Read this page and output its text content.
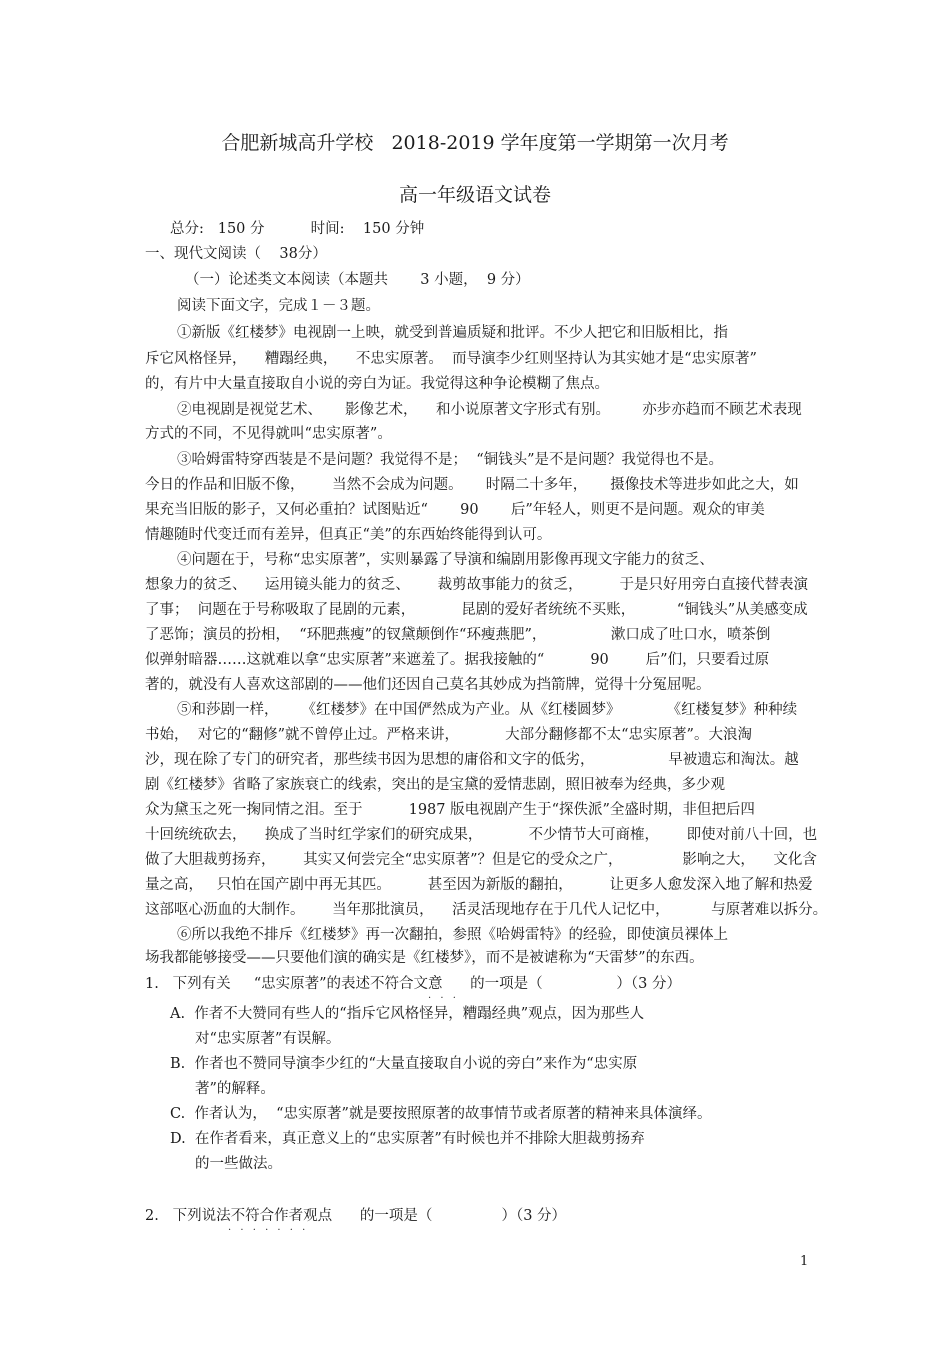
合肥新城高升学校   2018-2019 学年度第一学期第一次月考
高一年级语文试卷
总分:   150 分          时间:    150 分钟
一、现代文阅读（    38分）
（一）论述类文本阅读（本题共       3 小题，  9 分）
阅读下面文字，完成１－３题。
①新版《红楼梦》电视剧一上映，就受到普遍质疑和批评。不少人把它和旧版相比，指
斥它风格怪异，    糟蹋经典，    不忠实原著。  而导演李少红则坚持认为其实她才是“忠实原著”
的，有片中大量直接取自小说的旁白为证。我觉得这种争论模糊了焦点。
②电视剧是视觉艺术、     影像艺术，    和小说原著文字形式有别。       亦步亦趋而不顾艺术表现
方式的不同，不见得就叫“忠实原著”。
③哈姆雷特穿西装是不是问题？我觉得不是；  “铜钱头”是不是问题？我觉得也不是。
今日的作品和旧版不像，      当然不会成为问题。     时隔二十多年，     摄像技术等进步如此之大，如
果充当旧版的影子，又何必重拍？试图贴近“       90       后”年轻人，则更不是问题。观众的审美
情趣随时代变迁而有差异，但真正“美”的东西始终能得到认可。
④问题在于，号称“忠实原著”，实则暴露了导演和编剧用影像再现文字能力的贫乏、
想象力的贫乏、    运用镜头能力的贫乏、      裁剪故事能力的贫乏，        于是只好用旁白直接代替表演
了事；  问题在于号称吸取了昆剧的元素，          昆剧的爱好者统统不买账，         “铜钱头”从美感变成
了恶饰；演员的扮相，  “环肥燕瘦”的钗黛颠倒作“环瘦燕肥”，              漱口成了吐口水，喷茶倒
似弹射暗器……这就难以拿“忠实原著”来遮羞了。据我接触的“          90        后”们，只要看过原
著的，就没有人喜欢这部剧的——他们还因自己莫名其妙成为挡箭牌，觉得十分冤屈呢。
⑤和莎剧一样，     《红楼梦》在中国俨然成为产业。从《红楼圆梦》          《红楼复梦》种种续
书始，  对它的“翻修”就不曾停止过。严格来讲，          大部分翻修都不太“忠实原著”。大浪淘
沙，现在除了专门的研究者，那些续书因为思想的庸俗和文字的低劣，                早被遗忘和淘汰。越
剧《红楼梦》省略了家族衰亡的线索，突出的是宝黛的爱情悲剧，照旧被奉为经典，多少观
众为黛玉之死一掬同情之泪。至于          1987 版电视剧产生于“探佚派”全盛时期，非但把后四
十回统统砍去，    换成了当时红学家们的研究成果，          不少情节大可商榷，      即使对前八十回，也
做了大胆裁剪扬弃，      其实又何尝完全“忠实原著”？但是它的受众之广，             影响之大，    文化含
量之高，   只怕在国产剧中再无其匹。        甚至因为新版的翻拍，        让更多人愈发深入地了解和热爱
这部呕心沥血的大制作。      当年那批演员，    活灵活现地存在于几代人记忆中，         与原著难以拆分。
⑥所以我绝不排斥《红楼梦》再一次翻拍，参照《哈姆雷特》的经验，即使演员裸体上
场我都能够接受——只要他们演的确实是《红楼梦》，而不是被谑称为“天雷梦”的东西。
1.   下列有关     “忠实原著”的表述不符合文意      的一项是（                ）（3 分）
· · ·
A.  作者不大赞同有些人的“指斥它风格怪异，糟蹋经典”观点，因为那些人
对“忠实原著”有误解。
B.  作者也不赞同导演李少红的“大量直接取自小说的旁白”来作为“忠实原
著”的解释。
C.  作者认为，  “忠实原著”就是要按照原著的故事情节或者原著的精神来具体演绎。
D.  在作者看来，真正意义上的“忠实原著”有时候也并不排除大胆裁剪扬弃
的一些做法。
2.   下列说法不符合作者观点      的一项是（               ）（3 分）
· · · · · · ·
1
